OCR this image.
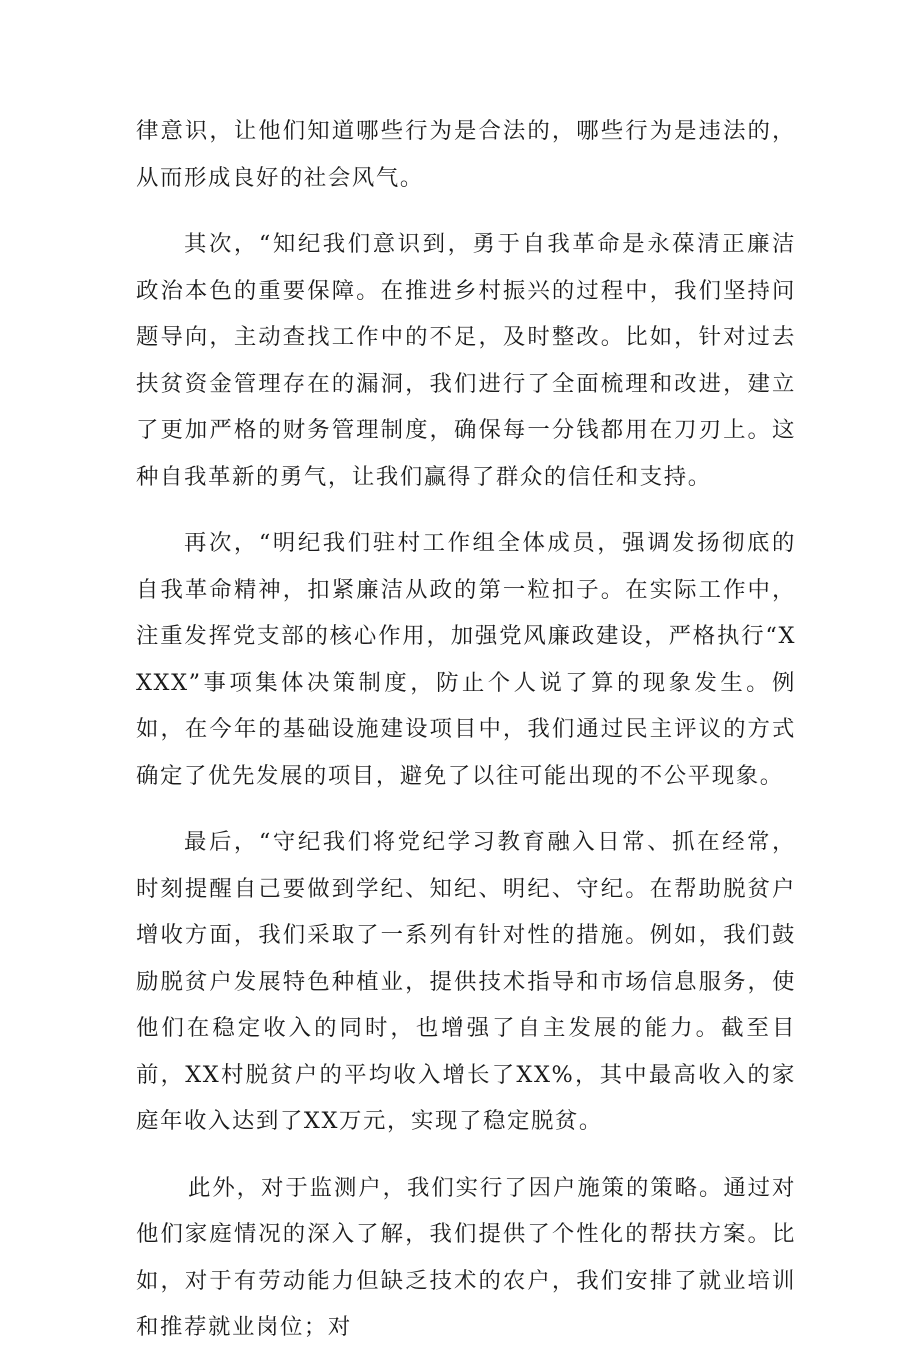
律意识，让他们知道哪些行为是合法的，哪些行为是违法的，从而形成良好的社会风气。

其次，“知纪我们意识到，勇于自我革命是永葆清正廉洁政治本色的重要保障。在推进乡村振兴的过程中，我们坚持问题导向，主动查找工作中的不足，及时整改。比如，针对过去扶贫资金管理存在的漏洞，我们进行了全面梳理和改进，建立了更加严格的财务管理制度，确保每一分钱都用在刀刃上。这种自我革新的勇气，让我们赢得了群众的信任和支持。

再次，“明纪我们驻村工作组全体成员，强调发扬彻底的自我革命精神，扣紧廉洁从政的第一粒扣子。在实际工作中，注重发挥党支部的核心作用，加强党风廉政建设，严格执行“XXXX”事项集体决策制度，防止个人说了算的现象发生。例如，在今年的基础设施建设项目中，我们通过民主评议的方式确定了优先发展的项目，避免了以往可能出现的不公平现象。

最后，“守纪我们将党纪学习教育融入日常、抓在经常，时刻提醒自己要做到学纪、知纪、明纪、守纪。在帮助脱贫户增收方面，我们采取了一系列有针对性的措施。例如，我们鼓励脱贫户发展特色种植业，提供技术指导和市场信息服务，使他们在稳定收入的同时，也增强了自主发展的能力。截至目前，XX村脱贫户的平均收入增长了XX%，其中最高收入的家庭年收入达到了XX万元，实现了稳定脱贫。

此外，对于监测户，我们实行了因户施策的策略。通过对他们家庭情况的深入了解，我们提供了个性化的帮扶方案。比如，对于有劳动能力但缺乏技术的农户，我们安排了就业培训和推荐就业岗位；对
